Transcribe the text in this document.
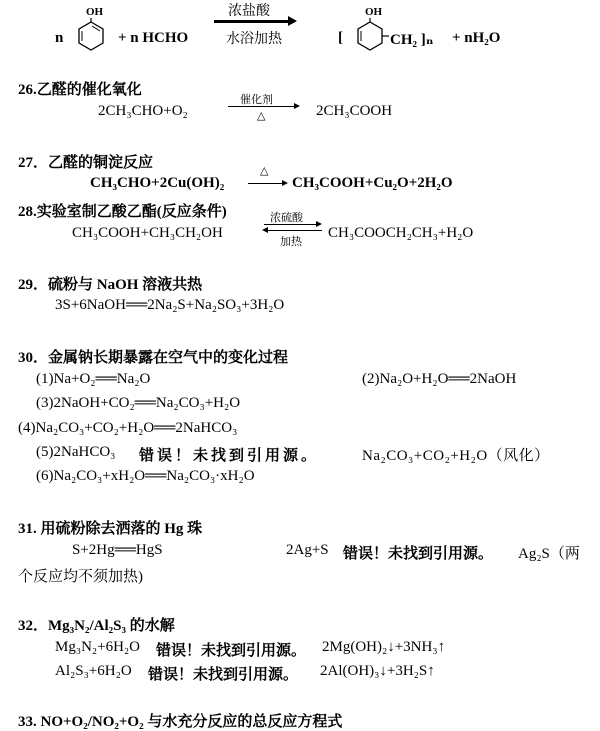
n
OH
+ n HCHO
浓盐酸
水浴加热	[
OH
CH₂ ]ₙ + nH₂O
26.乙醛的催化氧化
2CH₃CHO+O₂
催化剂
△	2CH₃COOH
27．乙醛的铜淀反应	△
CH₃CHO+2Cu(OH)₂	CH₃COOH+Cu₂O+2H₂O
28.实验室制乙酸乙酯(反应条件)
CH₃COOH+CH₃CH₂OH
浓硫酸
加热
CH₃COOCH₂CH₃+H₂O
29．硫粉与 NaOH 溶液共热
3S+6NaOH══2Na₂S+Na₂SO₃+3H₂O
30．金属钠长期暴露在空气中的变化过程
(1)Na+O₂══Na₂O	(2)Na₂O+H₂O══2NaOH
(3)2NaOH+CO₂══Na₂CO₃+H₂O
(4)Na₂CO₃+CO₂+H₂O══2NaHCO₃
(5)2NaHCO₃ 错误！未找到引用源。	Na₂CO₃+CO₂+H₂O（风化）
(6)Na₂CO₃+xH₂O══Na₂CO₃·xH₂O
31. 用硫粉除去洒落的 Hg 珠
S+2Hg══HgS	2Ag+S 错误！未找到引用源。 Ag₂S（两
个反应均不须加热)
32．Mg₃N₂/Al₂S₃ 的水解
Mg₃N₂+6H₂O 错误！未找到引用源。 2Mg(OH)₂↓+3NH₃↑
Al₂S₃+6H₂O 错误！未找到引用源。 2Al(OH)₃↓+3H₂S↑
33. NO+O₂/NO₂+O₂ 与水充分反应的总反应方程式
